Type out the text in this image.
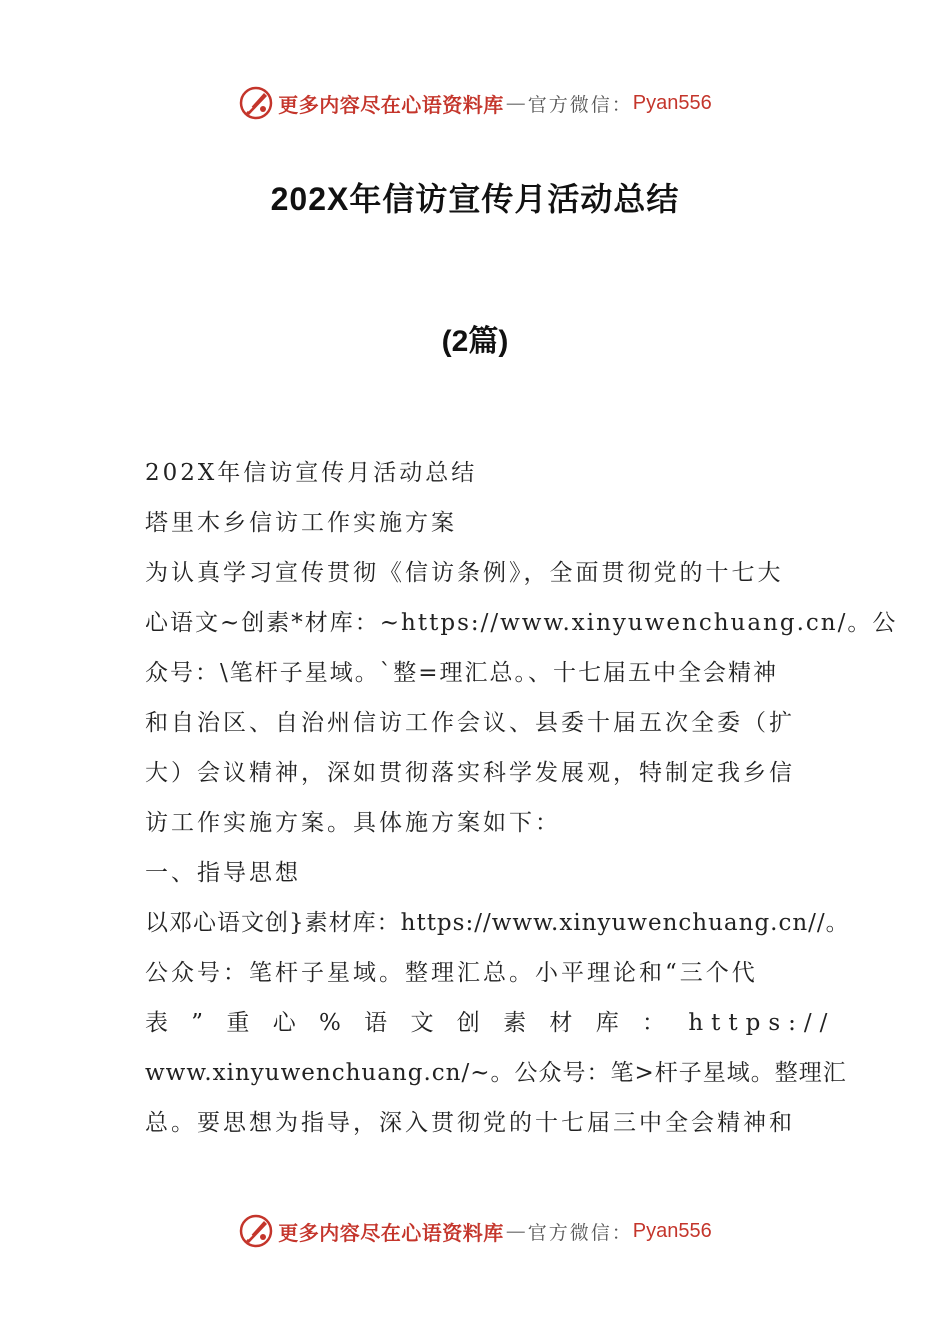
更多内容尽在心语资料库 — 官方微信： Pyan556
202X年信访宣传月活动总结
(2篇)
202X年信访宣传月活动总结
塔里木乡信访工作实施方案
为认真学习宣传贯彻《信访条例》，全面贯彻党的十七大
心语文~创素*材库：~https://www.xinyuwenchuang.cn/。公
众号：\笔杆子星域。`整=理汇总。、十七届五中全会精神
和自治区、自治州信访工作会议、县委十届五次全委（扩
大）会议精神，深如贯彻落实科学发展观，特制定我乡信
访工作实施方案。具体施方案如下：
一、指导思想
以邓心语文创}素材库：https://www.xinyuwenchuang.cn//。
公众号：笔杆子星域。整理汇总。小平理论和“三个代
表 ” 重 心 % 语 文 创 素 材 库 ： https://
www.xinyuwenchuang.cn/~。公众号：笔>杆子星域。整理汇
总。要思想为指导，深入贯彻党的十七届三中全会精神和
更多内容尽在心语资料库 — 官方微信： Pyan556
